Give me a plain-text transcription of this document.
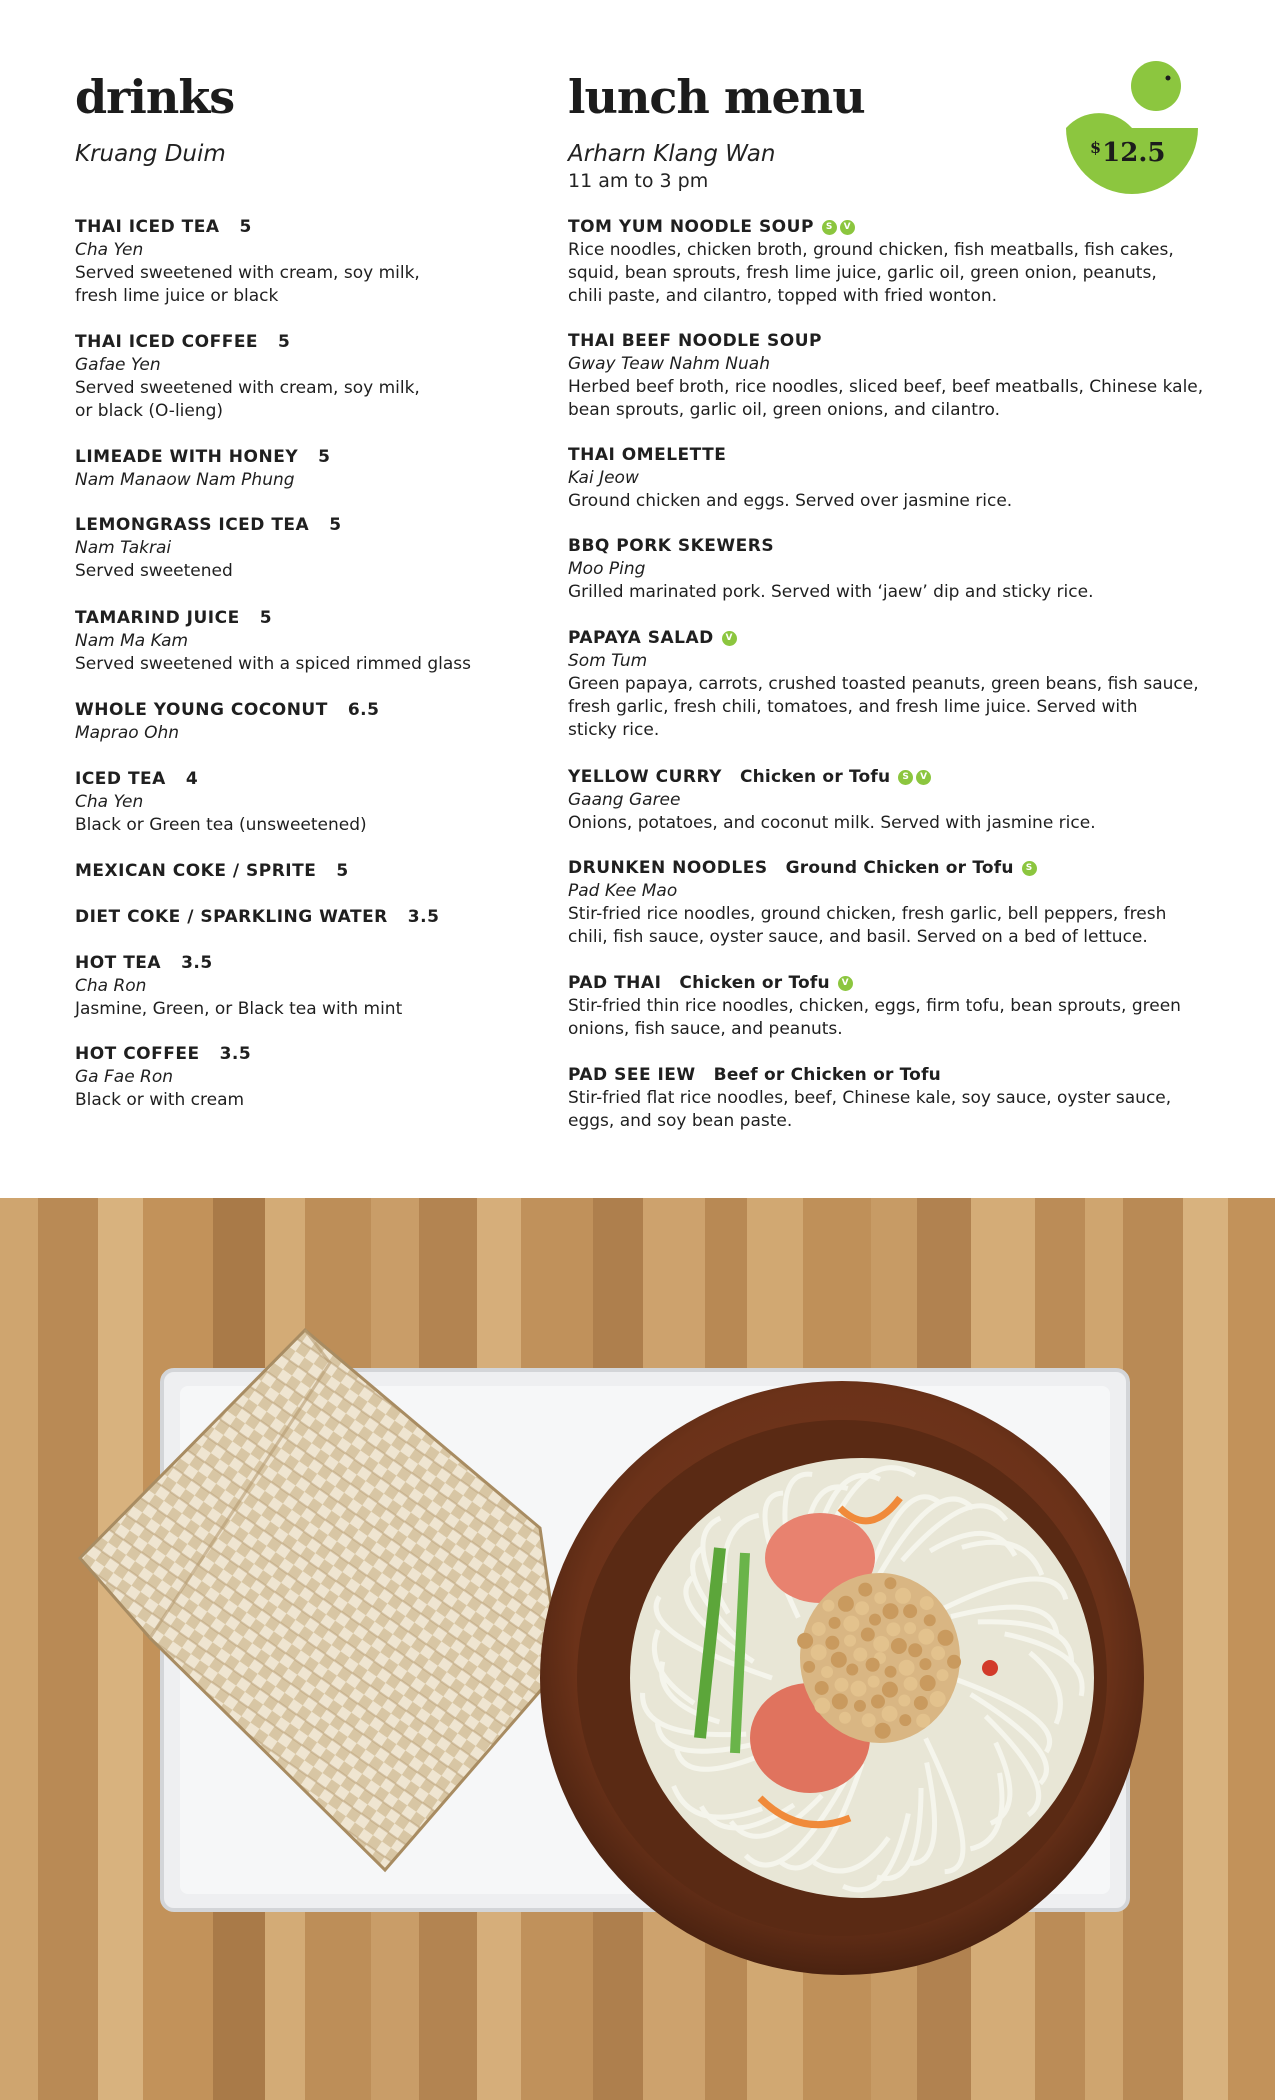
drinks
Kruang Duim
THAI ICED TEA 5
Cha Yen
Served sweetened with cream, soy milk,
fresh lime juice or black
THAI ICED COFFEE 5
Gafae Yen
Served sweetened with cream, soy milk,
or black (O-lieng)
LIMEADE WITH HONEY 5
Nam Manaow Nam Phung
LEMONGRASS ICED TEA 5
Nam Takrai
Served sweetened
TAMARIND JUICE 5
Nam Ma Kam
Served sweetened with a spiced rimmed glass
WHOLE YOUNG COCONUT 6.5
Maprao Ohn
ICED TEA 4
Cha Yen
Black or Green tea (unsweetened)
MEXICAN COKE / SPRITE 5
DIET COKE / SPARKLING WATER 3.5
HOT TEA 3.5
Cha Ron
Jasmine, Green, or Black tea with mint
HOT COFFEE 3.5
Ga Fae Ron
Black or with cream
lunch menu
Arharn Klang Wan
11 am to 3 pm
TOM YUM NOODLE SOUP	S	V
Rice noodles, chicken broth, ground chicken, fish meatballs, fish cakes,
squid, bean sprouts, fresh lime juice, garlic oil, green onion, peanuts,
chili paste, and cilantro, topped with fried wonton.
THAI BEEF NOODLE SOUP
Gway Teaw Nahm Nuah
Herbed beef broth, rice noodles, sliced beef, beef meatballs, Chinese kale,
bean sprouts, garlic oil, green onions, and cilantro.
THAI OMELETTE
Kai Jeow
Ground chicken and eggs. Served over jasmine rice.
BBQ PORK SKEWERS
Moo Ping
Grilled marinated pork. Served with ‘jaew’ dip and sticky rice.
PAPAYA SALAD	V
Som Tum
Green papaya, carrots, crushed toasted peanuts, green beans, fish sauce,
fresh garlic, fresh chili, tomatoes, and fresh lime juice. Served with
sticky rice.
YELLOW CURRY Chicken or Tofu	S	V
Gaang Garee
Onions, potatoes, and coconut milk. Served with jasmine rice.
DRUNKEN NOODLES Ground Chicken or Tofu	S
Pad Kee Mao
Stir-fried rice noodles, ground chicken, fresh garlic, bell peppers, fresh
chili, fish sauce, oyster sauce, and basil. Served on a bed of lettuce.
PAD THAI Chicken or Tofu	V
Stir-fried thin rice noodles, chicken, eggs, firm tofu, bean sprouts, green
onions, fish sauce, and peanuts.
PAD SEE IEW Beef or Chicken or Tofu
Stir-fried flat rice noodles, beef, Chinese kale, soy sauce, oyster sauce,
eggs, and soy bean paste.
$12.5
